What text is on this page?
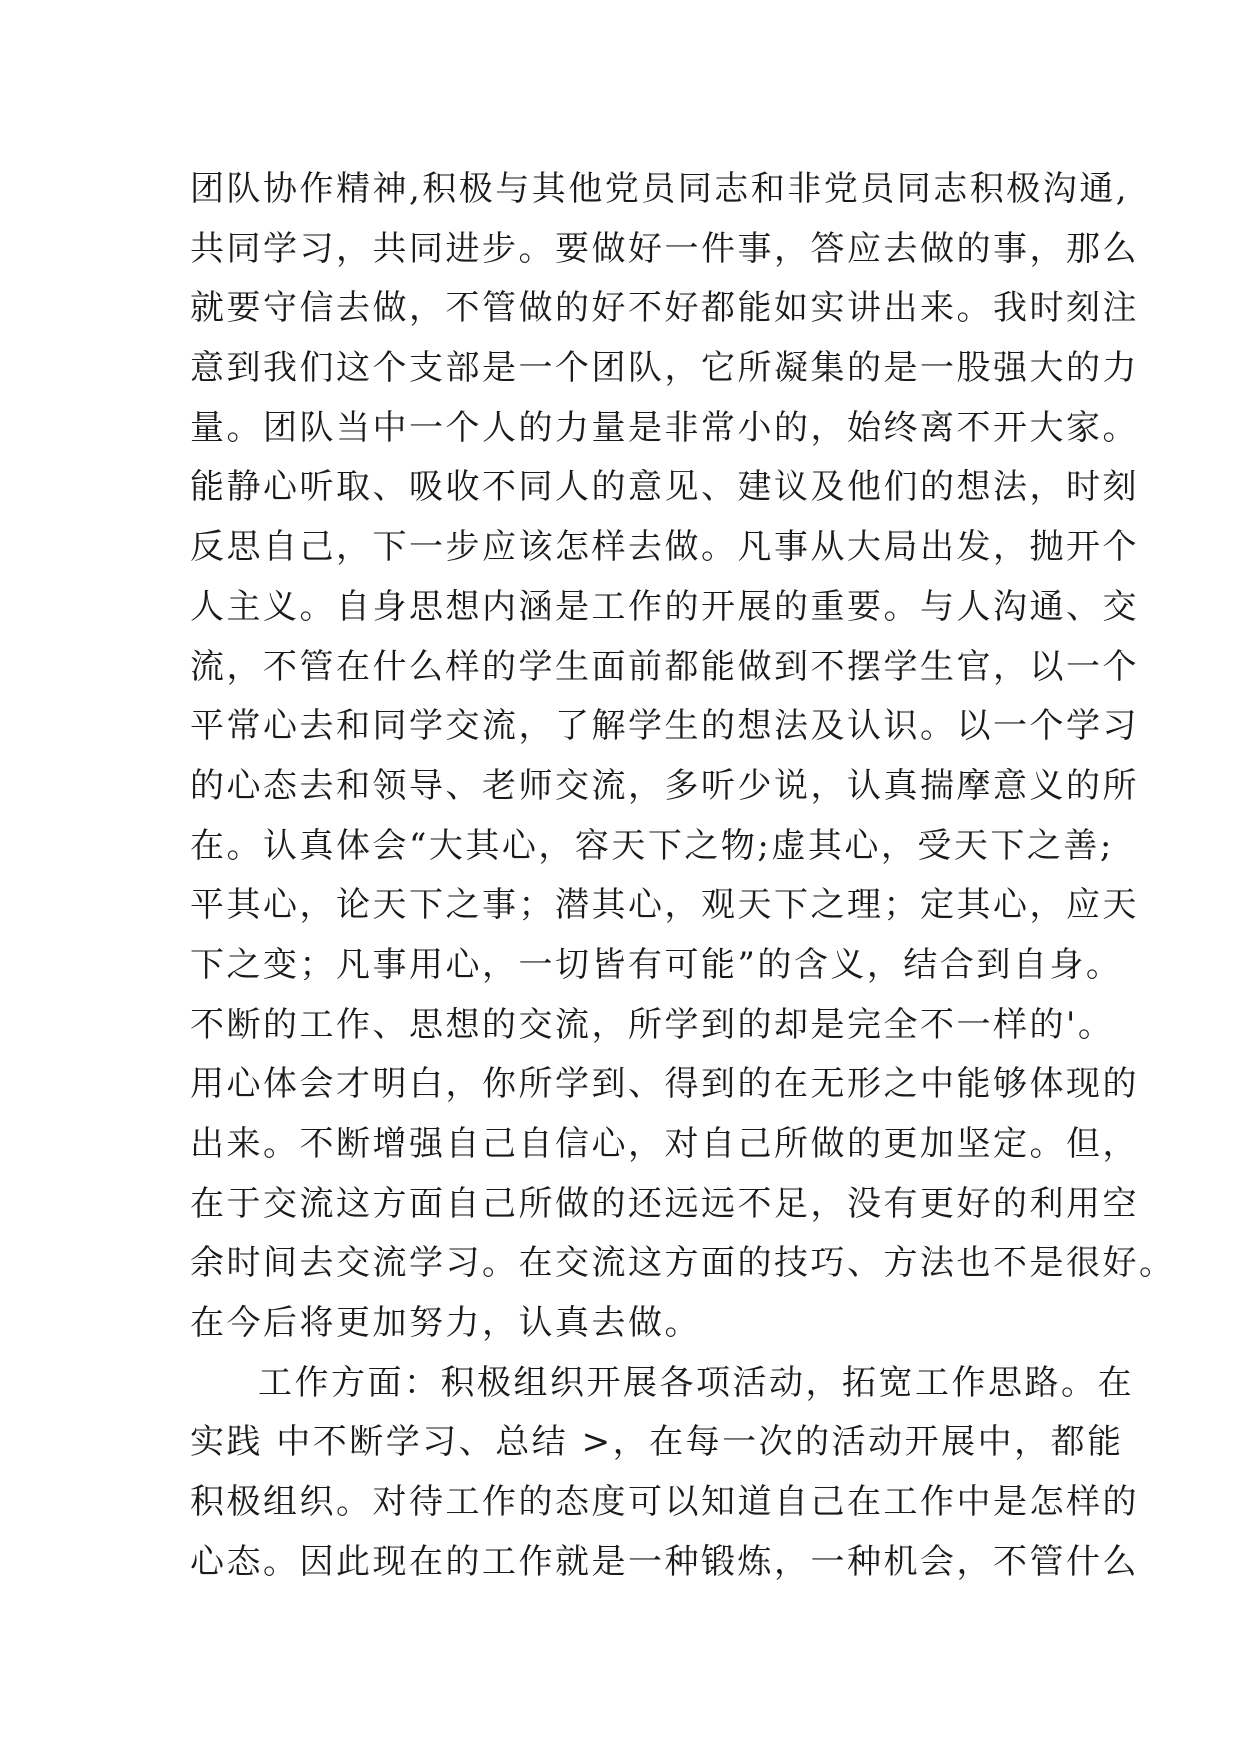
团队协作精神,积极与其他党员同志和非党员同志积极沟通,
共同学习，共同进步。要做好一件事，答应去做的事，那么
就要守信去做，不管做的好不好都能如实讲出来。我时刻注
意到我们这个支部是一个团队，它所凝集的是一股强大的力
量。团队当中一个人的力量是非常小的，始终离不开大家。
能静心听取、吸收不同人的意见、建议及他们的想法，时刻
反思自己，下一步应该怎样去做。凡事从大局出发，抛开个
人主义。自身思想内涵是工作的开展的重要。与人沟通、交
流，不管在什么样的学生面前都能做到不摆学生官，以一个
平常心去和同学交流，了解学生的想法及认识。以一个学习
的心态去和领导、老师交流，多听少说，认真揣摩意义的所
在。认真体会“大其心，容天下之物;虚其心，受天下之善;
平其心，论天下之事；潜其心，观天下之理；定其心，应天
下之变；凡事用心，一切皆有可能”的含义，结合到自身。
不断的工作、思想的交流，所学到的却是完全不一样的'。
用心体会才明白，你所学到、得到的在无形之中能够体现的
出来。不断增强自己自信心，对自己所做的更加坚定。但，
在于交流这方面自己所做的还远远不足，没有更好的利用空
余时间去交流学习。在交流这方面的技巧、方法也不是很好。
在今后将更加努力，认真去做。
工作方面：积极组织开展各项活动，拓宽工作思路。在
实践 中不断学习、总结 >，在每一次的活动开展中，都能
积极组织。对待工作的态度可以知道自己在工作中是怎样的
心态。因此现在的工作就是一种锻炼，一种机会，不管什么
